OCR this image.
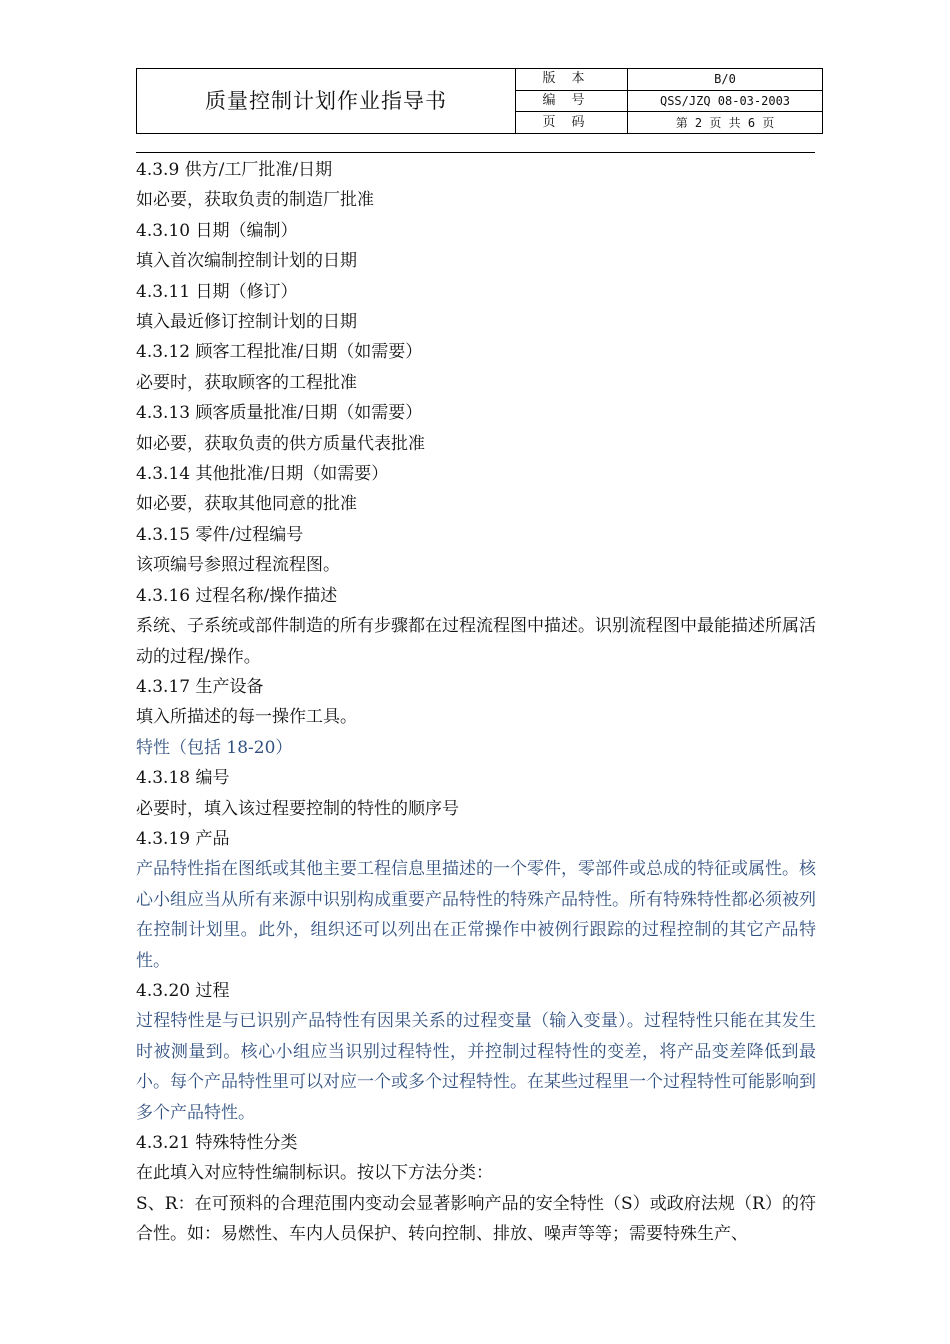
质量控制计划作业指导书	版本	B/0
	编号	QSS/JZQ 08-03-2003
	页码	第 2 页 共 6 页

4.3.9 供方/工厂批准/日期

如必要，获取负责的制造厂批准

4.3.10 日期（编制）

填入首次编制控制计划的日期

4.3.11 日期（修订）

填入最近修订控制计划的日期

4.3.12 顾客工程批准/日期（如需要）

必要时，获取顾客的工程批准

4.3.13 顾客质量批准/日期（如需要）

如必要，获取负责的供方质量代表批准

4.3.14 其他批准/日期（如需要）

如必要，获取其他同意的批准

4.3.15 零件/过程编号

该项编号参照过程流程图。

4.3.16 过程名称/操作描述

系统、子系统或部件制造的所有步骤都在过程流程图中描述。识别流程图中最能描述所属活动的过程/操作。

4.3.17 生产设备

填入所描述的每一操作工具。

特性（包括 18-20）

4.3.18 编号

必要时，填入该过程要控制的特性的顺序号

4.3.19 产品

产品特性指在图纸或其他主要工程信息里描述的一个零件，零部件或总成的特征或属性。核心小组应当从所有来源中识别构成重要产品特性的特殊产品特性。所有特殊特性都必须被列在控制计划里。此外，组织还可以列出在正常操作中被例行跟踪的过程控制的其它产品特性。

4.3.20 过程

过程特性是与已识别产品特性有因果关系的过程变量（输入变量）。过程特性只能在其发生时被测量到。核心小组应当识别过程特性，并控制过程特性的变差，将产品变差降低到最小。每个产品特性里可以对应一个或多个过程特性。在某些过程里一个过程特性可能影响到多个产品特性。

4.3.21 特殊特性分类

在此填入对应特性编制标识。按以下方法分类：

S、R：在可预料的合理范围内变动会显著影响产品的安全特性（S）或政府法规（R）的符合性。如：易燃性、车内人员保护、转向控制、排放、噪声等等；需要特殊生产、
